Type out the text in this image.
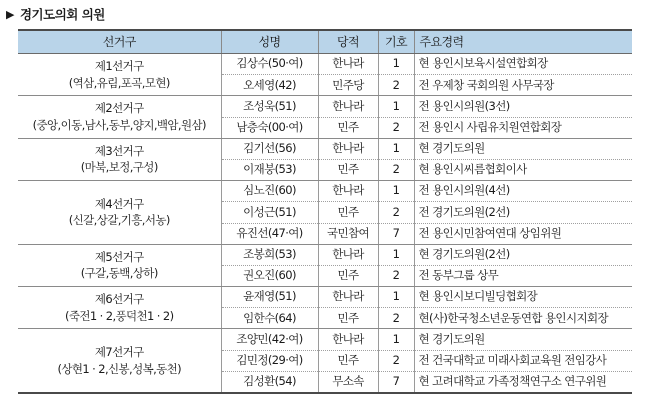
▶ 경기도의회 의원
선거구	성명	당적	기호	주요경력

제1선거구
(역삼,유림,포곡,모현)	김상수(50·여)	한나라	1	현 용인시보육시설연합회장
	오세영(42)	민주당	2	전 우제창 국회의원 사무국장

제2선거구
(중앙,이동,남사,동부,양지,백암,원삼)	조성욱(51)	한나라	1	전 용인시의원(3선)
	남층숙(00·여)	민주	2	전 용인시 사립유치원연합회장

제3선거구
(마북,보정,구성)	김기선(56)	한나라	1	현 경기도의원
	이재붕(53)	민주	2	현 용인시씨름협회이사

제4선거구
(신갈,상갈,기흥,서농)	심노진(60)	한나라	1	전 용인시의원(4선)
	이성근(51)	민주	2	전 경기도의원(2선)
	유진선(47·여)	국민참여	7	전 용인시민참여연대 상임위원

제5선거구
(구갈,동백,상하)	조봉희(53)	한나라	1	현 경기도의원(2선)
	권오진(60)	민주	2	전 동부그룹 상무

제6선거구
(죽전1 · 2,풍덕천1 · 2)	윤재영(51)	한나라	1	현 용인시보디빌딩협회장
	임한수(64)	민주	2	현(사)한국청소년운동연합 용인시지회장

제7선거구
(상현1 · 2,신봉,성복,동천)	조양민(42·여)	한나라	1	현 경기도의원
	김민정(29·여)	민주	2	전 건국대학교 미래사회교육원 전임강사
	김성환(54)	무소속	7	현 고려대학교 가족정책연구소 연구위원
